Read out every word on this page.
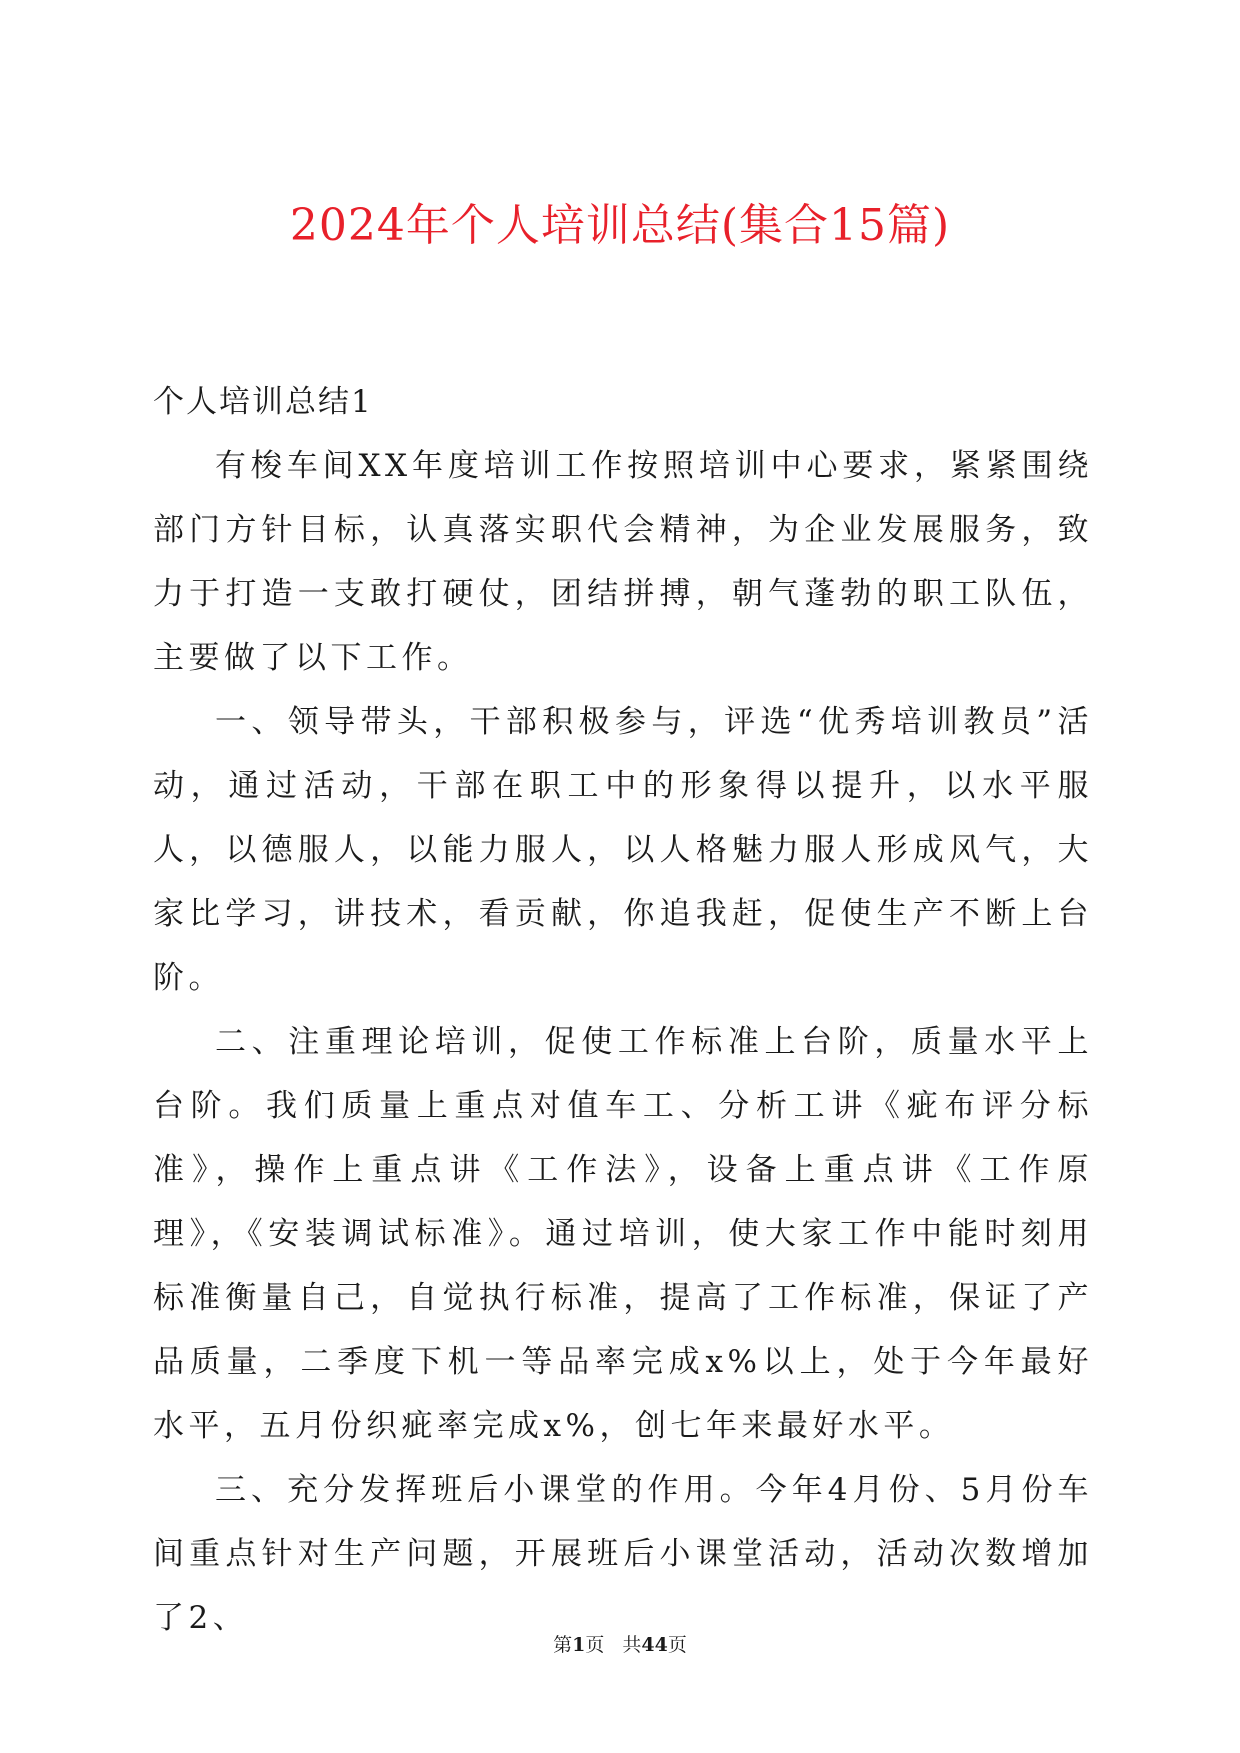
2024年个人培训总结(集合15篇)

个人培训总结1

有梭车间XX年度培训工作按照培训中心要求，紧紧围绕部门方针目标，认真落实职代会精神，为企业发展服务，致力于打造一支敢打硬仗，团结拼搏，朝气蓬勃的职工队伍，主要做了以下工作。

一、领导带头，干部积极参与，评选“优秀培训教员”活动，通过活动，干部在职工中的形象得以提升，以水平服人，以德服人，以能力服人，以人格魅力服人形成风气，大家比学习，讲技术，看贡献，你追我赶，促使生产不断上台阶。

二、注重理论培训，促使工作标准上台阶，质量水平上台阶。我们质量上重点对值车工、分析工讲《疵布评分标准》，操作上重点讲《工作法》，设备上重点讲《工作原理》，《安装调试标准》。通过培训，使大家工作中能时刻用标准衡量自己，自觉执行标准，提高了工作标准，保证了产品质量，二季度下机一等品率完成x%以上，处于今年最好水平，五月份织疵率完成x%，创七年来最好水平。

三、充分发挥班后小课堂的作用。今年4月份、5月份车间重点针对生产问题，开展班后小课堂活动，活动次数增加了2、

第1页 共44页
